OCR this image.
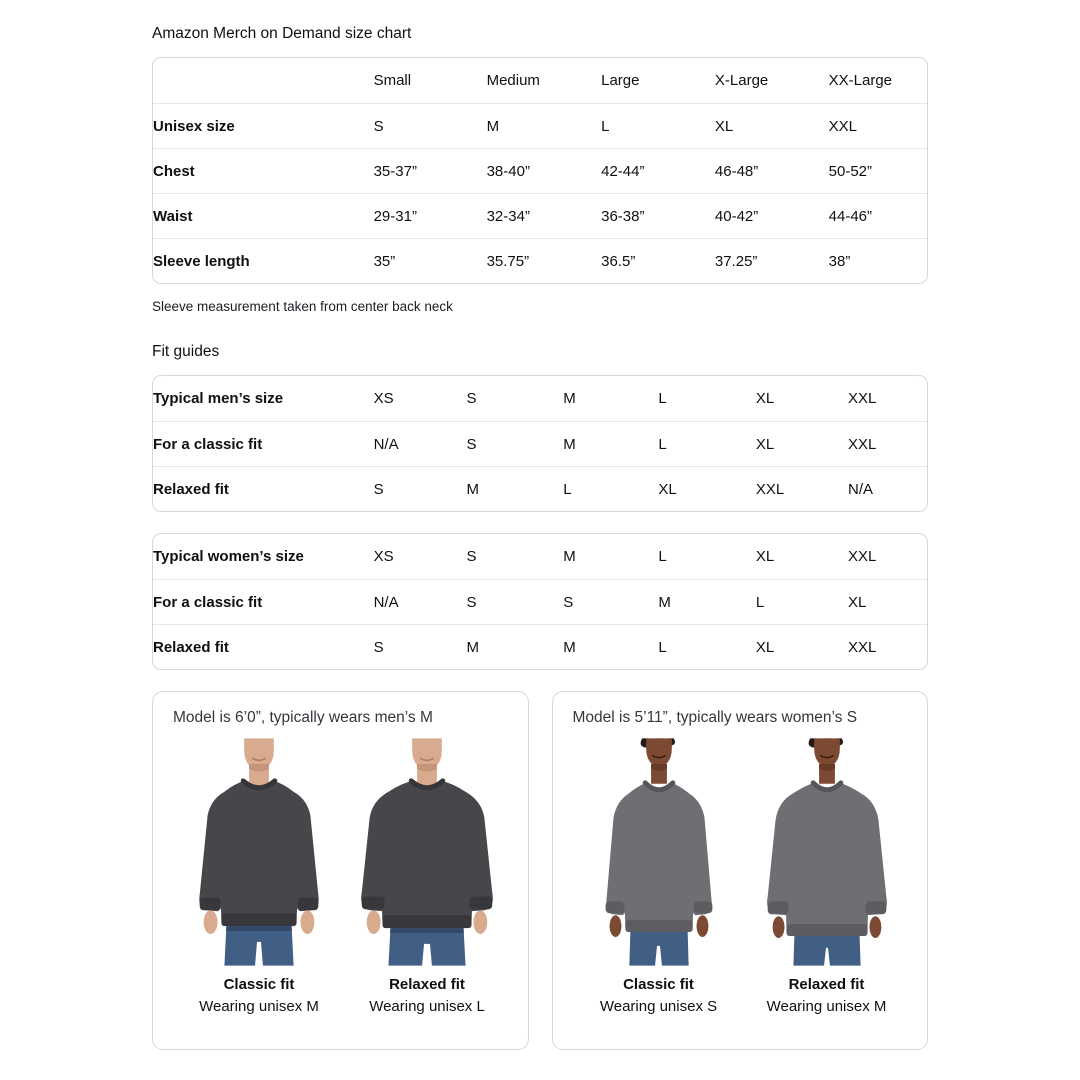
Amazon Merch on Demand size chart

	Small	Medium	Large	X-Large	XX-Large
Unisex size	S	M	L	XL	XXL
Chest	35-37”	38-40”	42-44”	46-48”	50-52”
Waist	29-31”	32-34”	36-38”	40-42”	44-46”
Sleeve length	35”	35.75”	36.5”	37.25”	38”

Sleeve measurement taken from center back neck

Fit guides

Typical men’s size	XS	S	M	L	XL	XXL
For a classic fit	N/A	S	M	L	XL	XXL
Relaxed fit	S	M	L	XL	XXL	N/A
Typical women’s size	XS	S	M	L	XL	XXL
For a classic fit	N/A	S	S	M	L	XL
Relaxed fit	S	M	M	L	XL	XXL

Model is 6’0”, typically wears men’s M

Classic fit
Wearing unisex M
Relaxed fit
Wearing unisex L

Model is 5’11”, typically wears women’s S

Classic fit
Wearing unisex S
Relaxed fit
Wearing unisex M
